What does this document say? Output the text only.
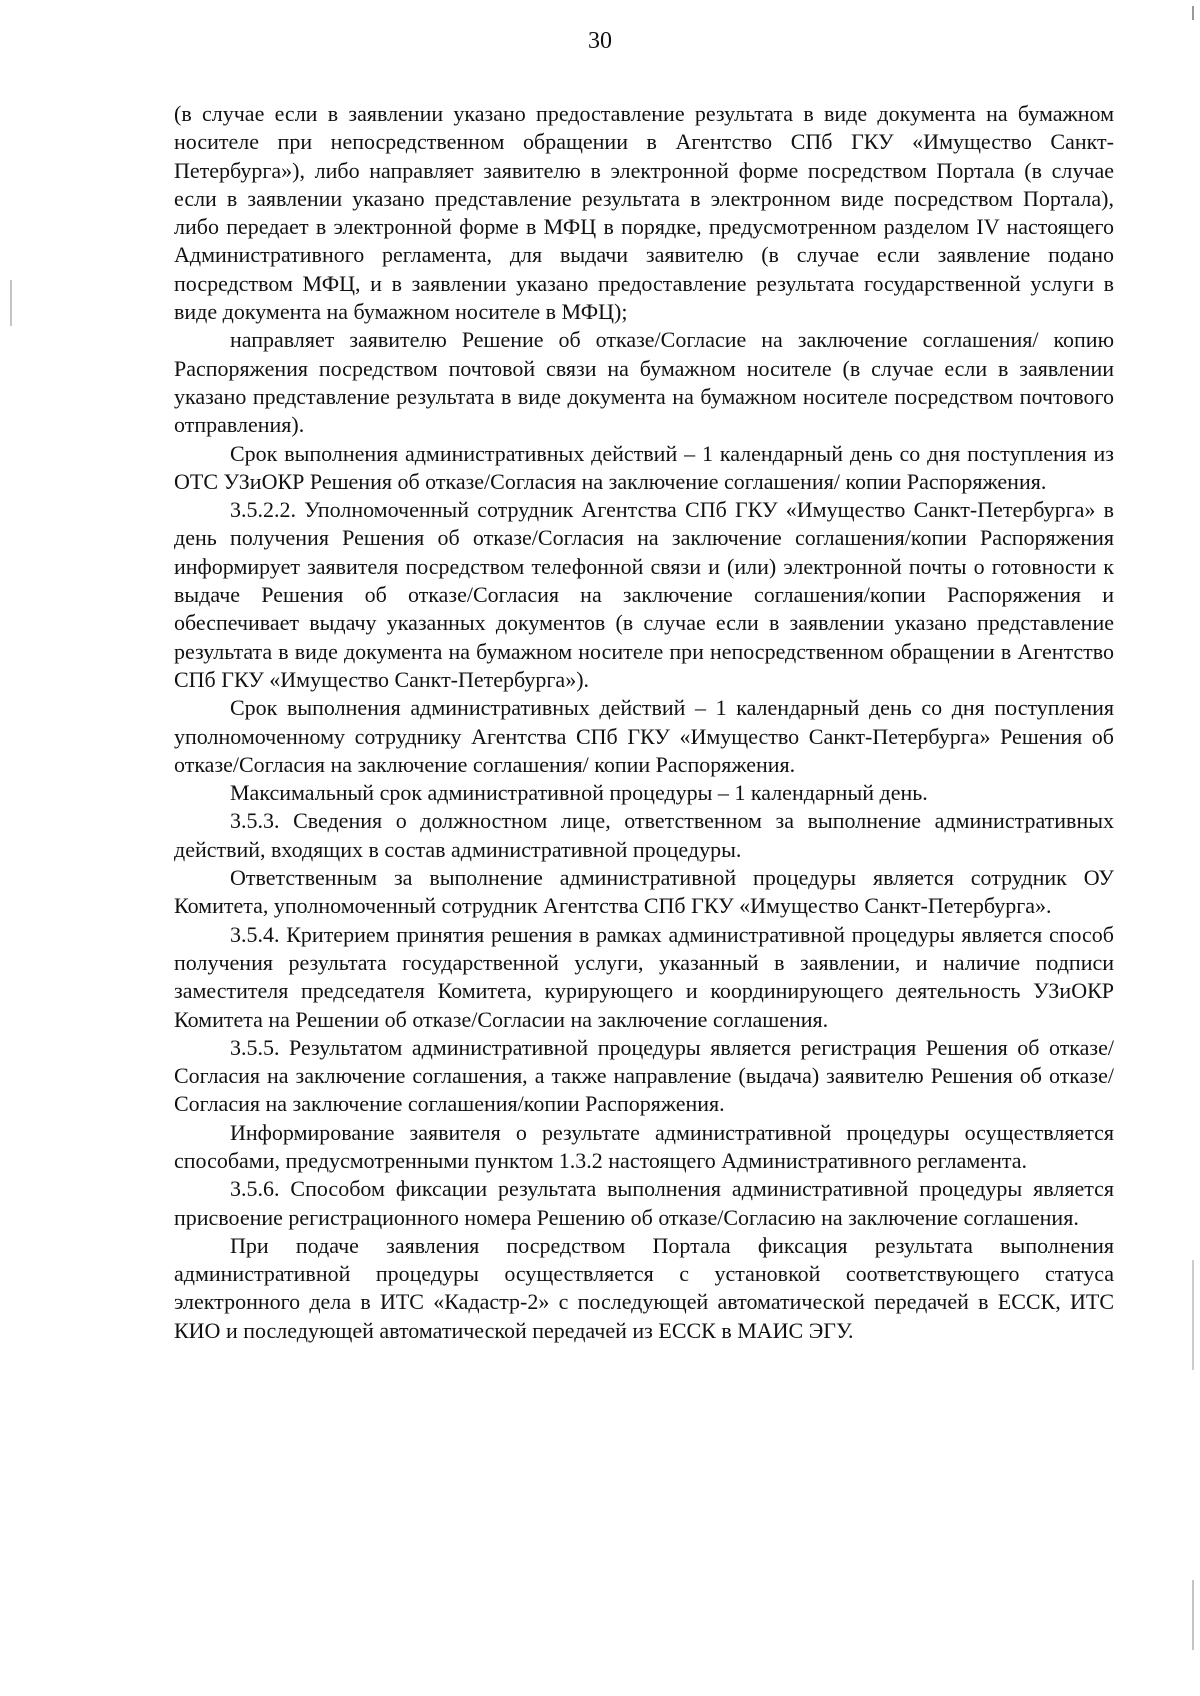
30

(в случае если в заявлении указано предоставление результата в виде документа на бумажном носителе при непосредственном обращении в Агентство СПб ГКУ «Имущество Санкт-Петербурга»), либо направляет заявителю в электронной форме посредством Портала (в случае если в заявлении указано представление результата в электронном виде посредством Портала), либо передает в электронной форме в МФЦ в порядке, предусмотренном разделом IV настоящего Административного регламента, для выдачи заявителю (в случае если заявление подано посредством МФЦ, и в заявлении указано предоставление результата государственной услуги в виде документа на бумажном носителе в МФЦ);

направляет заявителю Решение об отказе/Согласие на заключение соглашения/ копию Распоряжения посредством почтовой связи на бумажном носителе (в случае если в заявлении указано представление результата в виде документа на бумажном носителе посредством почтового отправления).

Срок выполнения административных действий – 1 календарный день со дня поступления из ОТС УЗиОКР Решения об отказе/Согласия на заключение соглашения/ копии Распоряжения.

3.5.2.2. Уполномоченный сотрудник Агентства СПб ГКУ «Имущество Санкт-Петербурга» в день получения Решения об отказе/Согласия на заключение соглашения/копии Распоряжения информирует заявителя посредством телефонной связи и (или) электронной почты о готовности к выдаче Решения об отказе/Согласия на заключение соглашения/копии Распоряжения и обеспечивает выдачу указанных документов (в случае если в заявлении указано представление результата в виде документа на бумажном носителе при непосредственном обращении в Агентство СПб ГКУ «Имущество Санкт-Петербурга»).

Срок выполнения административных действий – 1 календарный день со дня поступления уполномоченному сотруднику Агентства СПб ГКУ «Имущество Санкт-Петербурга» Решения об отказе/Согласия на заключение соглашения/ копии Распоряжения.

Максимальный срок административной процедуры – 1 календарный день.

3.5.3. Сведения о должностном лице, ответственном за выполнение административных действий, входящих в состав административной процедуры.

Ответственным за выполнение административной процедуры является сотрудник ОУ Комитета, уполномоченный сотрудник Агентства СПб ГКУ «Имущество Санкт-Петербурга».

3.5.4. Критерием принятия решения в рамках административной процедуры является способ получения результата государственной услуги, указанный в заявлении, и наличие подписи заместителя председателя Комитета, курирующего и координирующего деятельность УЗиОКР Комитета на Решении об отказе/Согласии на заключение соглашения.

3.5.5. Результатом административной процедуры является регистрация Решения об отказе/Согласия на заключение соглашения, а также направление (выдача) заявителю Решения об отказе/Согласия на заключение соглашения/копии Распоряжения.

Информирование заявителя о результате административной процедуры осуществляется способами, предусмотренными пунктом 1.3.2 настоящего Административного регламента.

3.5.6. Способом фиксации результата выполнения административной процедуры является присвоение регистрационного номера Решению об отказе/Согласию на заключение соглашения.

При подаче заявления посредством Портала фиксация результата выполнения административной процедуры осуществляется с установкой соответствующего статуса электронного дела в ИТС «Кадастр-2» с последующей автоматической передачей в ЕССК, ИТС КИО и последующей автоматической передачей из ЕССК в МАИС ЭГУ.
